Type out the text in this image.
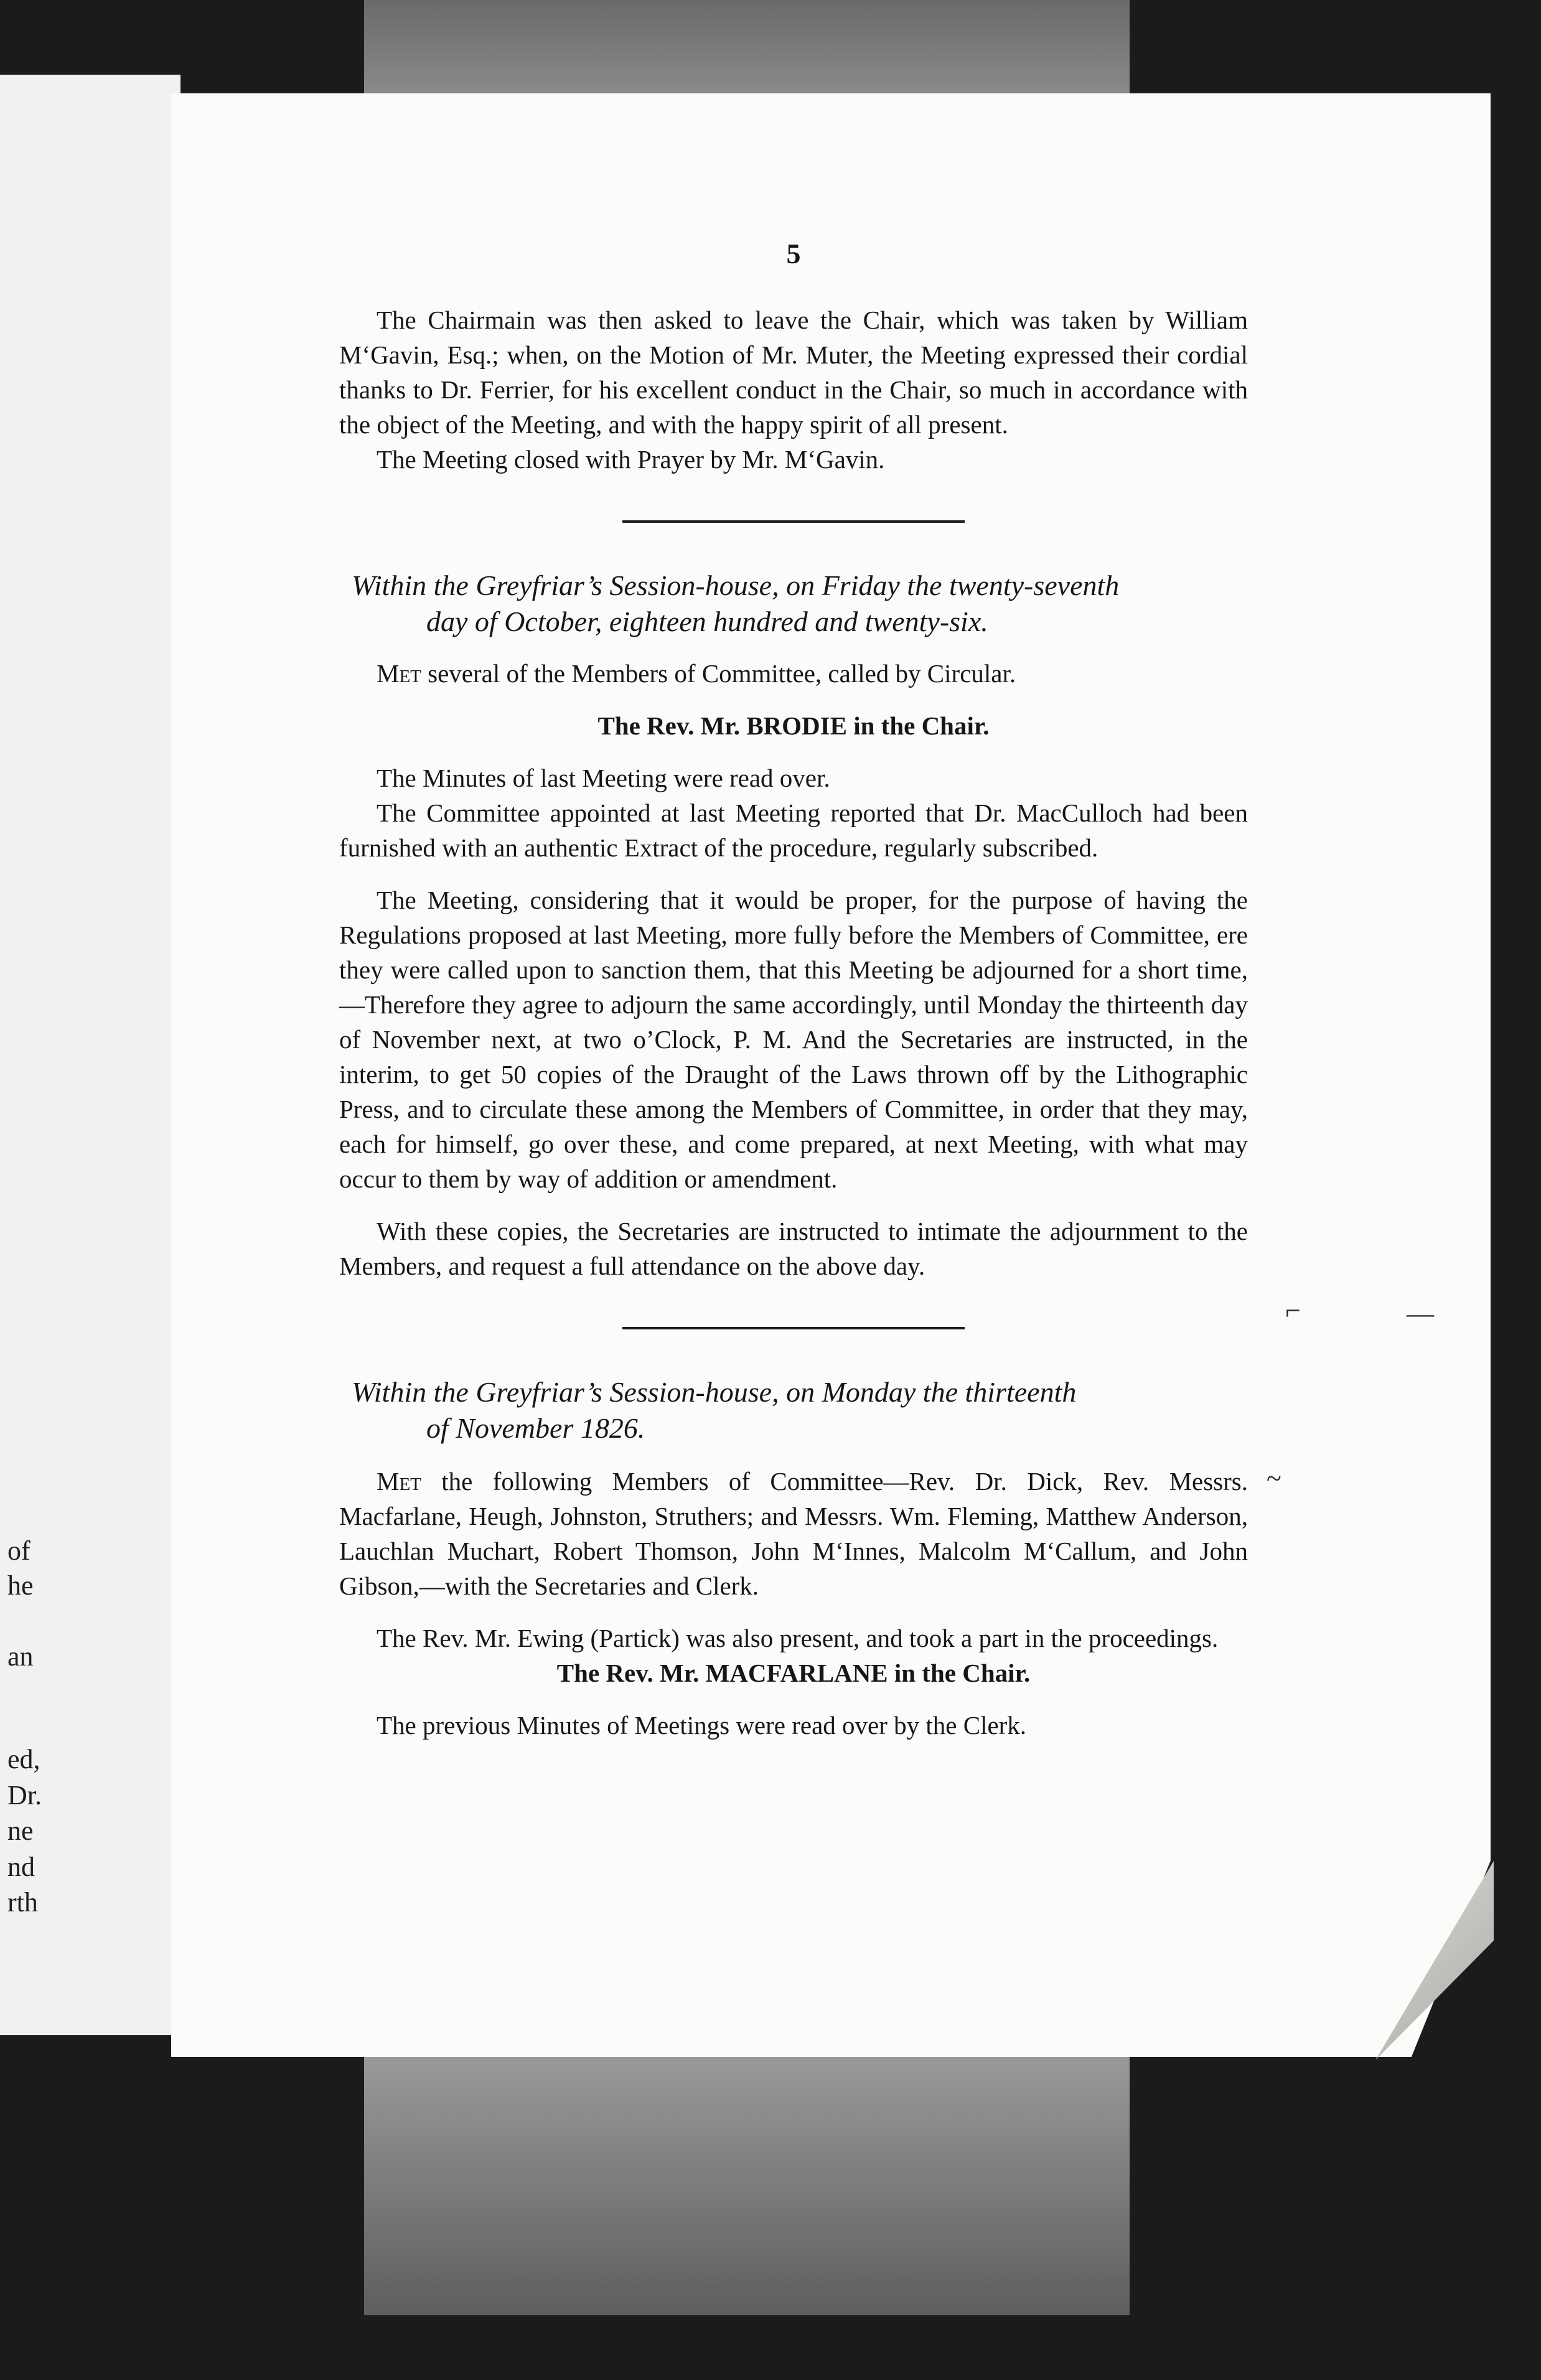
of
he
an
ed,
Dr.
ne
nd
rth
5

The Chairmain was then asked to leave the Chair, which was taken by William M‘Gavin, Esq.; when, on the Motion of Mr. Muter, the Meeting expressed their cordial thanks to Dr. Ferrier, for his excellent conduct in the Chair, so much in accordance with the object of the Meeting, and with the happy spirit of all present.

The Meeting closed with Prayer by Mr. M‘Gavin.

Within the Greyfriar’s Session-house, on Friday the twenty-seventh
day of October, eighteen hundred and twenty-six.

Met several of the Members of Committee, called by Circular.

The Rev. Mr. BRODIE in the Chair.

The Minutes of last Meeting were read over.

The Committee appointed at last Meeting reported that Dr. MacCulloch had been furnished with an authentic Extract of the procedure, regularly subscribed.

The Meeting, considering that it would be proper, for the purpose of having the Regulations proposed at last Meeting, more fully before the Members of Committee, ere they were called upon to sanction them, that this Meeting be adjourned for a short time,—Therefore they agree to adjourn the same accordingly, until Monday the thirteenth day of November next, at two o’Clock, P. M. And the Secretaries are instructed, in the interim, to get 50 copies of the Draught of the Laws thrown off by the Lithographic Press, and to circulate these among the Members of Committee, in order that they may, each for himself, go over these, and come prepared, at next Meeting, with what may occur to them by way of addition or amendment.

With these copies, the Secretaries are instructed to intimate the adjournment to the Members, and request a full attendance on the above day.

Within the Greyfriar’s Session-house, on Monday the thirteenth
of November 1826.

Met the following Members of Committee—Rev. Dr. Dick, Rev. Messrs. Macfarlane, Heugh, Johnston, Struthers; and Messrs. Wm. Fleming, Matthew Anderson, Lauchlan Muchart, Robert Thomson, John M‘Innes, Malcolm M‘Callum, and John Gibson,—with the Secretaries and Clerk.

The Rev. Mr. Ewing (Partick) was also present, and took a part in the proceedings.

The Rev. Mr. MACFARLANE in the Chair.

The previous Minutes of Meetings were read over by the Clerk.

⌐	—
~
